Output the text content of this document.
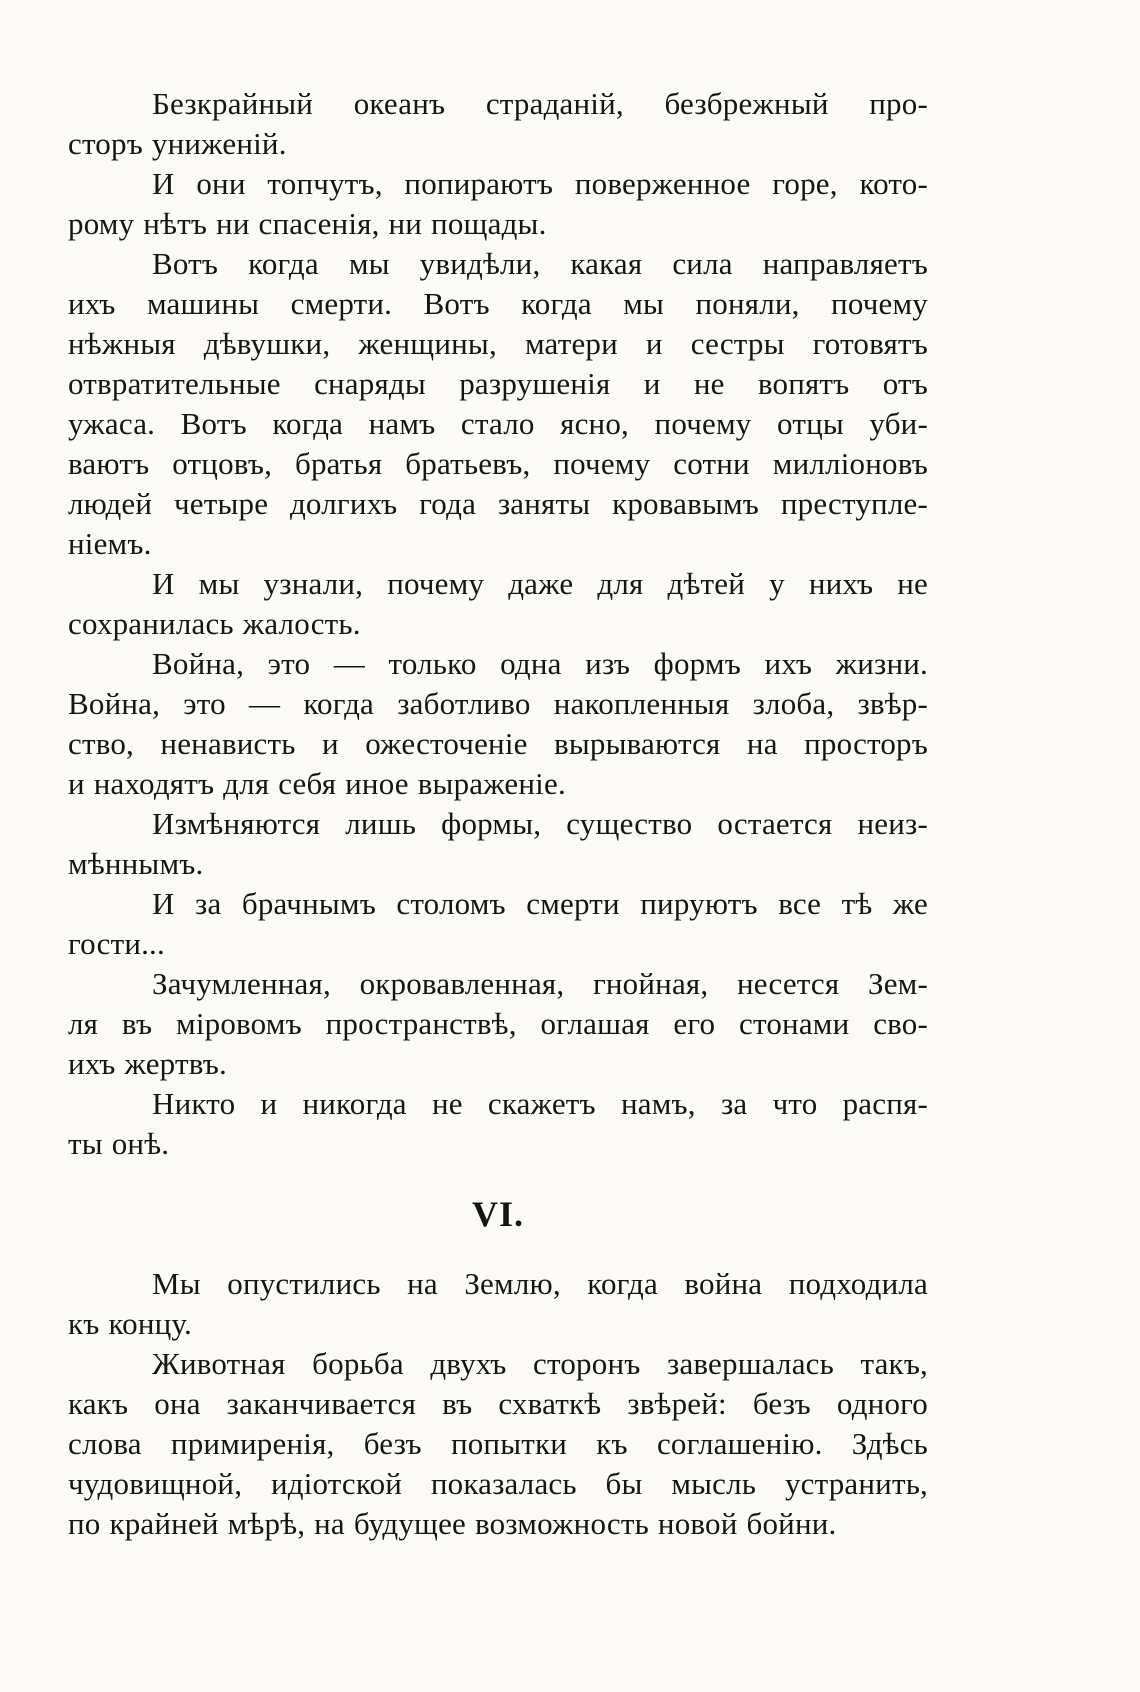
Безкрайный океанъ страданій, безбрежный про-
сторъ униженій.
И они топчутъ, попираютъ поверженное горе, кото-
рому нѣтъ ни спасенія, ни пощады.
Вотъ когда мы увидѣли, какая сила направляетъ
ихъ машины смерти. Вотъ когда мы поняли, почему
нѣжныя дѣвушки, женщины, матери и сестры готовятъ
отвратительные снаряды разрушенія и не вопятъ отъ
ужаса. Вотъ когда намъ стало ясно, почему отцы уби-
ваютъ отцовъ, братья братьевъ, почему сотни милліоновъ
людей четыре долгихъ года заняты кровавымъ преступле-
ніемъ.
И мы узнали, почему даже для дѣтей у нихъ не
сохранилась жалость.
Война, это — только одна изъ формъ ихъ жизни.
Война, это — когда заботливо накопленныя злоба, звѣр-
ство, ненависть и ожесточеніе вырываются на просторъ
и находятъ для себя иное выраженіе.
Измѣняются лишь формы, существо остается неиз-
мѣннымъ.
И за брачнымъ столомъ смерти пируютъ все тѣ же
гости...
Зачумленная, окровавленная, гнойная, несется Зем-
ля въ міровомъ пространствѣ, оглашая его стонами сво-
ихъ жертвъ.
Никто и никогда не скажетъ намъ, за что распя-
ты онѣ.
VI.
Мы опустились на Землю, когда война подходила
къ концу.
Животная борьба двухъ сторонъ завершалась такъ,
какъ она заканчивается въ схваткѣ звѣрей: безъ одного
слова примиренія, безъ попытки къ соглашенію. Здѣсь
чудовищной, идіотской показалась бы мысль устранить,
по крайней мѣрѣ, на будущее возможность новой бойни.
